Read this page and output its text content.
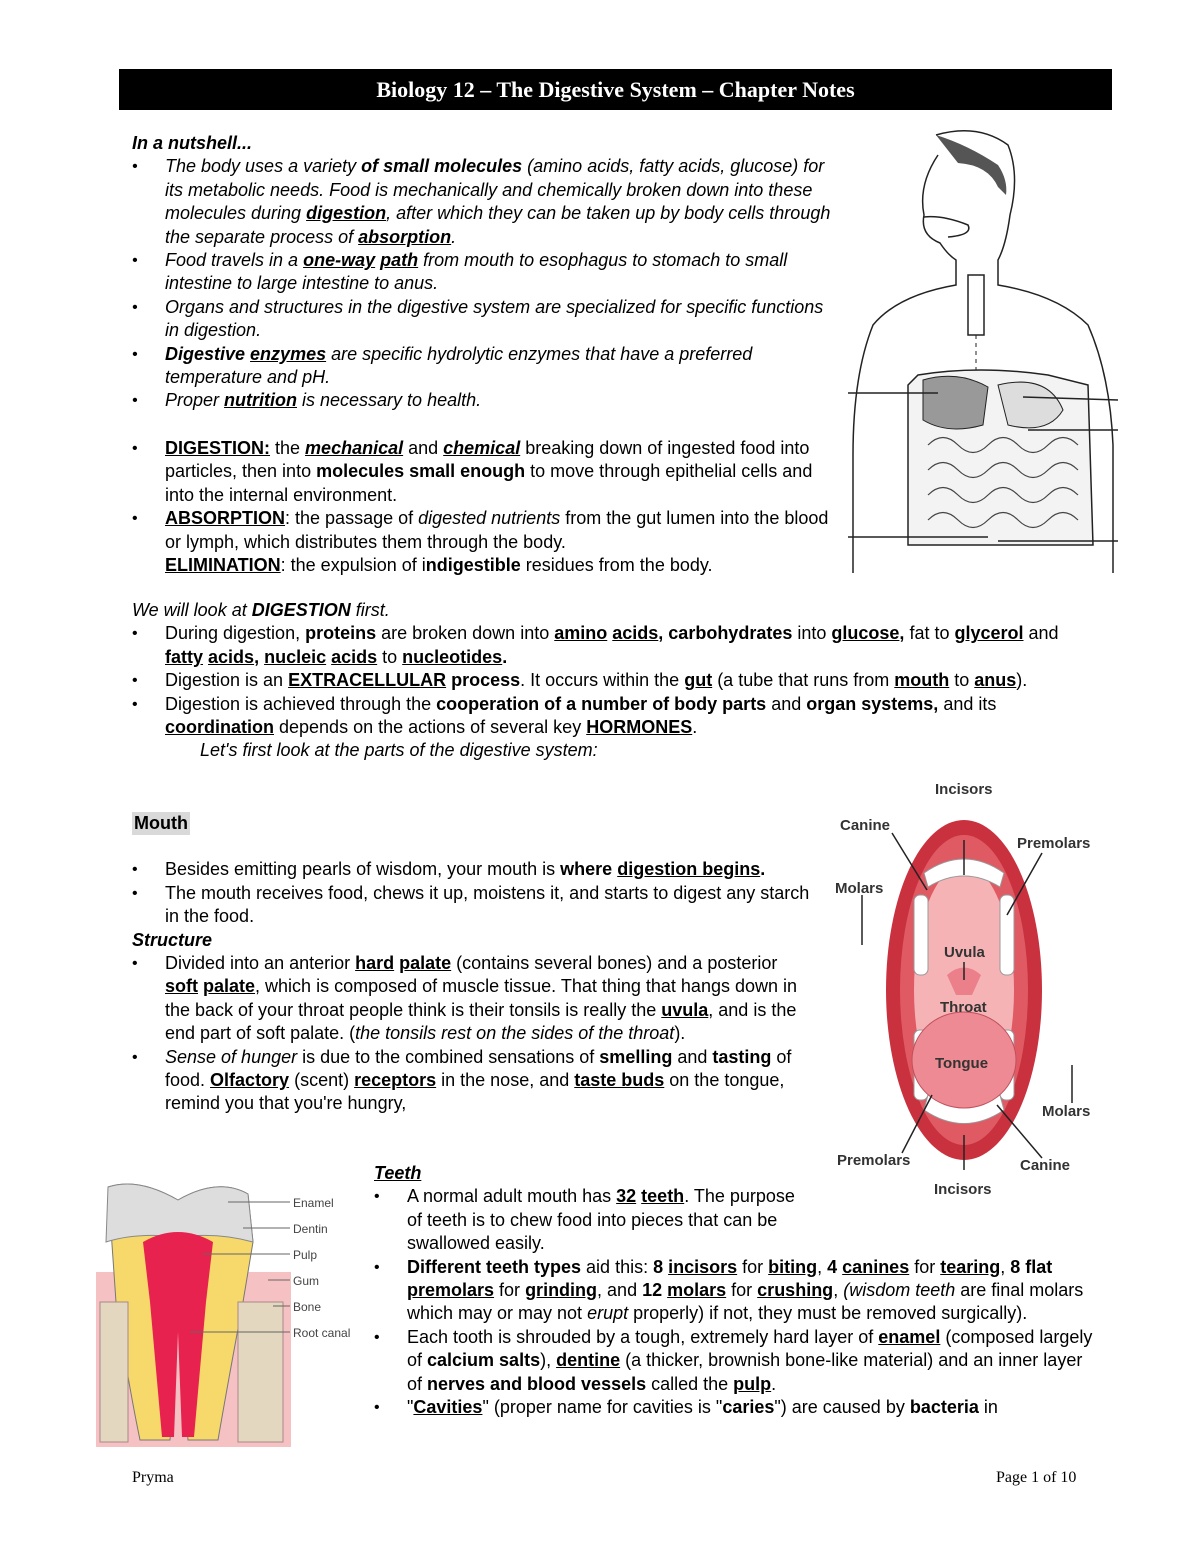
Biology 12 – The Digestive System – Chapter Notes
In a nutshell...
• The body uses a variety of small molecules (amino acids, fatty acids, glucose) for its metabolic needs. Food is mechanically and chemically broken down into these molecules during digestion, after which they can be taken up by body cells through the separate process of absorption.
• Food travels in a one-way path from mouth to esophagus to stomach to small intestine to large intestine to anus.
• Organs and structures in the digestive system are specialized for specific functions in digestion.
• Digestive enzymes are specific hydrolytic enzymes that have a preferred temperature and pH.
• Proper nutrition is necessary to health.
• DIGESTION: the mechanical and chemical breaking down of ingested food into particles, then into molecules small enough to move through epithelial cells and into the internal environment.
• ABSORPTION: the passage of digested nutrients from the gut lumen into the blood or lymph, which distributes them through the body.
ELIMINATION: the expulsion of indigestible residues from the body.
We will look at DIGESTION first.
• During digestion, proteins are broken down into amino acids, carbohydrates into glucose, fat to glycerol and fatty acids, nucleic acids to nucleotides.
• Digestion is an EXTRACELLULAR process. It occurs within the gut (a tube that runs from mouth to anus).
• Digestion is achieved through the cooperation of a number of body parts and organ systems, and its coordination depends on the actions of several key HORMONES.
Let's first look at the parts of the digestive system:
Mouth
• Besides emitting pearls of wisdom, your mouth is where digestion begins.
• The mouth receives food, chews it up, moistens it, and starts to digest any starch in the food.
Structure
• Divided into an anterior hard palate (contains several bones) and a posterior soft palate, which is composed of muscle tissue. That thing that hangs down in the back of your throat people think is their tonsils is really the uvula, and is the end part of soft palate. (the tonsils rest on the sides of the throat).
• Sense of hunger is due to the combined sensations of smelling and tasting of food. Olfactory (scent) receptors in the nose, and taste buds on the tongue, remind you that you're hungry,
Teeth
• A normal adult mouth has 32 teeth. The purpose of teeth is to chew food into pieces that can be swallowed easily.
• Different teeth types aid this: 8 incisors for biting, 4 canines for tearing, 8 flat premolars for grinding, and 12 molars for crushing, (wisdom teeth are final molars which may or may not erupt properly) if not, they must be removed surgically).
• Each tooth is shrouded by a tough, extremely hard layer of enamel (composed largely of calcium salts), dentine (a thicker, brownish bone-like material) and an inner layer of nerves and blood vessels called the pulp.
• "Cavities" (proper name for cavities is "caries") are caused by bacteria in
Incisors
Canine
Premolars
Molars
Uvula
Throat
Tongue
Molars
Premolars	Canine
Incisors
Enamel
Dentin
Pulp
Gum
Bone
Root canal
Pryma	Page 1 of 10
